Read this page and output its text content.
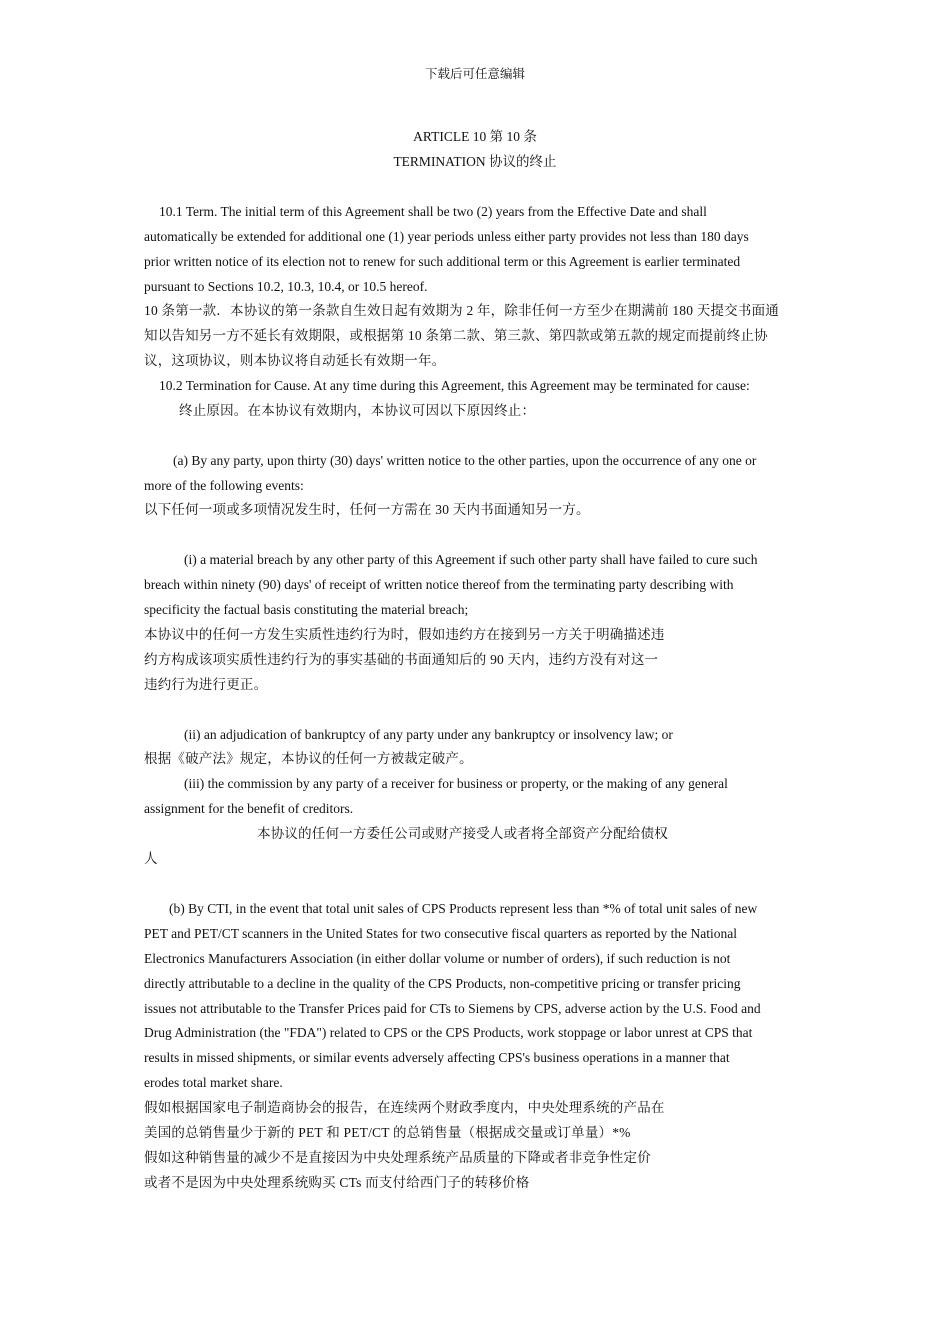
下载后可任意编辑
ARTICLE 10 第 10 条
TERMINATION 协议的终止
10.1 Term. The initial term of this Agreement shall be two (2) years from the Effective Date and shall
automatically be extended for additional one (1) year periods unless either party provides not less than 180 days
prior written notice of its election not to renew for such additional term or this Agreement is earlier terminated
pursuant to Sections 10.2, 10.3, 10.4, or 10.5 hereof.
10 条第一款．本协议的第一条款自生效日起有效期为 2 年，除非任何一方至少在期满前 180 天提交书面通
知以告知另一方不延长有效期限，或根据第 10 条第二款、第三款、第四款或第五款的规定而提前终止协
议，这项协议，则本协议将自动延长有效期一年。
10.2 Termination for Cause. At any time during this Agreement, this Agreement may be terminated for cause:
终止原因。在本协议有效期内，本协议可因以下原因终止：
(a) By any party, upon thirty (30) days' written notice to the other parties, upon the occurrence of any one or
more of the following events:
以下任何一项或多项情况发生时，任何一方需在 30 天内书面通知另一方。
(i) a material breach by any other party of this Agreement if such other party shall have failed to cure such
breach within ninety (90) days' of receipt of written notice thereof from the terminating party describing with
specificity the factual basis constituting the material breach;
本协议中的任何一方发生实质性违约行为时，假如违约方在接到另一方关于明确描述违
约方构成该项实质性违约行为的事实基础的书面通知后的 90 天内，违约方没有对这一
违约行为进行更正。
(ii) an adjudication of bankruptcy of any party under any bankruptcy or insolvency law; or
根据《破产法》规定，本协议的任何一方被裁定破产。
(iii) the commission by any party of a receiver for business or property, or the making of any general
assignment for the benefit of creditors.
本协议的任何一方委任公司或财产接受人或者将全部资产分配给债权
人
(b) By CTI, in the event that total unit sales of CPS Products represent less than *% of total unit sales of new
PET and PET/CT scanners in the United States for two consecutive fiscal quarters as reported by the National
Electronics Manufacturers Association (in either dollar volume or number of orders), if such reduction is not
directly attributable to a decline in the quality of the CPS Products, non-competitive pricing or transfer pricing
issues not attributable to the Transfer Prices paid for CTs to Siemens by CPS, adverse action by the U.S. Food and
Drug Administration (the "FDA") related to CPS or the CPS Products, work stoppage or labor unrest at CPS that
results in missed shipments, or similar events adversely affecting CPS's business operations in a manner that
erodes total market share.
假如根据国家电子制造商协会的报告，在连续两个财政季度内，中央处理系统的产品在
美国的总销售量少于新的 PET 和 PET/CT 的总销售量（根据成交量或订单量）*%
假如这种销售量的减少不是直接因为中央处理系统产品质量的下降或者非竞争性定价
或者不是因为中央处理系统购买 CTs 而支付给西门子的转移价格
